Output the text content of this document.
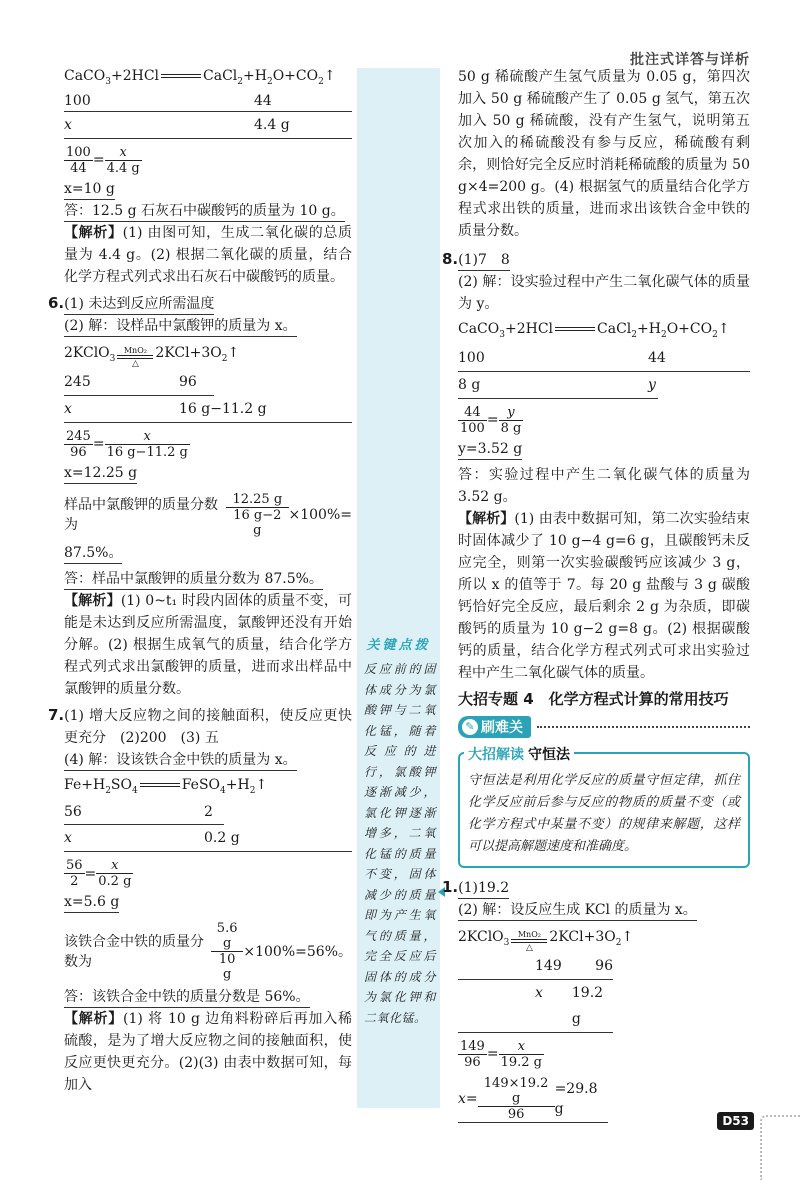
批注式详答与详析
CaCO$_3$+2HCl	$CaCl_2+H_2O+CO_2↑$
100	44
x	4.4 g
$\frac{100}{44} = \frac{x}{4.4 g}$
x=10 g
答：12.5 g 石灰石中碳酸钙的质量为 10 g。
【解析】(1) 由图可知，生成二氧化碳的总质量为 4.4 g。(2) 根据二氧化碳的质量，结合化学方程式列式求出石灰石中碳酸钙的质量。
6.(1) 未达到反应所需温度
(2) 解：设样品中氯酸钾的质量为 x。
2KClO$_3$
MnO₂
△
$2KCl+3O_2↑$
245	96
x	16 g−11.2 g
$\frac{245}{96} = \frac{x}{16 g-11.2 g}$
x=12.25 g
样品中氯酸钾的质量分数为	$\frac{12.25 g}{16 g-2 g} \times 100\%=$
87.5%。
答：样品中氯酸钾的质量分数为 87.5%。
【解析】(1) 0~t₁ 时段内固体的质量不变，可能是未达到反应所需温度，氯酸钾还没有开始分解。(2) 根据生成氧气的质量，结合化学方程式列式求出氯酸钾的质量，进而求出样品中氯酸钾的质量分数。
7.(1) 增大反应物之间的接触面积，使反应更快更充分　(2)200　(3) 五
(4) 解：设该铁合金中铁的质量为 x。
$Fe+H_2SO_4$	$FeSO_4+H_2↑$
56	2
x	0.2 g
$\frac{56}{2} = \frac{x}{0.2 g}$
x=5.6 g
该铁合金中铁的质量分数为	$\frac{5.6 g}{10 g} \times 100\%=56\%$。
答：该铁合金中铁的质量分数是 56%。
【解析】(1) 将 10 g 边角料粉碎后再加入稀硫酸，是为了增大反应物之间的接触面积，使反应更快更充分。(2)(3) 由表中数据可知，每加入
关键点拨
反应前的固体成分为氯酸钾与二氧化锰，随着反应的进行，氯酸钾逐渐减少，氯化钾逐渐增多，二氧化锰的质量不变，固体减少的质量即为产生氧气的质量，完全反应后固体的成分为氯化钾和二氧化锰。
50 g 稀硫酸产生氢气质量为 0.05 g，第四次加入 50 g 稀硫酸产生了 0.05 g 氢气，第五次加入 50 g 稀硫酸，没有产生氢气，说明第五次加入的稀硫酸没有参与反应，稀硫酸有剩余，则恰好完全反应时消耗稀硫酸的质量为 50 g×4=200 g。(4) 根据氢气的质量结合化学方程式求出铁的质量，进而求出该铁合金中铁的质量分数。
8.(1)7　8
(2) 解：设实验过程中产生二氧化碳气体的质量为 y。
CaCO$_3$+2HCl	$CaCl_2+H_2O+CO_2↑$
100	44
8 g	y
$\frac{44}{100} = \frac{y}{8 g}$
y=3.52 g
答：实验过程中产生二氧化碳气体的质量为 3.52 g。
【解析】(1) 由表中数据可知，第二次实验结束时固体减少了 10 g−4 g=6 g，且碳酸钙未反应完全，则第一次实验碳酸钙应该减少 3 g，所以 x 的值等于 7。每 20 g 盐酸与 3 g 碳酸钙恰好完全反应，最后剩余 2 g 为杂质，即碳酸钙的质量为 10 g−2 g=8 g。(2) 根据碳酸钙的质量，结合化学方程式列式可求出实验过程中产生二氧化碳气体的质量。
大招专题 4　化学方程式计算的常用技巧
✎ 刷难关
大招解读 守恒法
守恒法是利用化学反应的质量守恒定律，抓住化学反应前后参与反应的物质的质量不变（或化学方程式中某量不变）的规律来解题，这样可以提高解题速度和准确度。
1.(1)19.2
(2) 解：设反应生成 KCl 的质量为 x。
2KClO$_3$
MnO₂
△
$2KCl+3O_2↑$
149	96
x	19.2 g
$\frac{149}{96} = \frac{x}{19.2 g}$
$x= \frac{149\times 19.2 g}{96} =29.8$ g
D53
